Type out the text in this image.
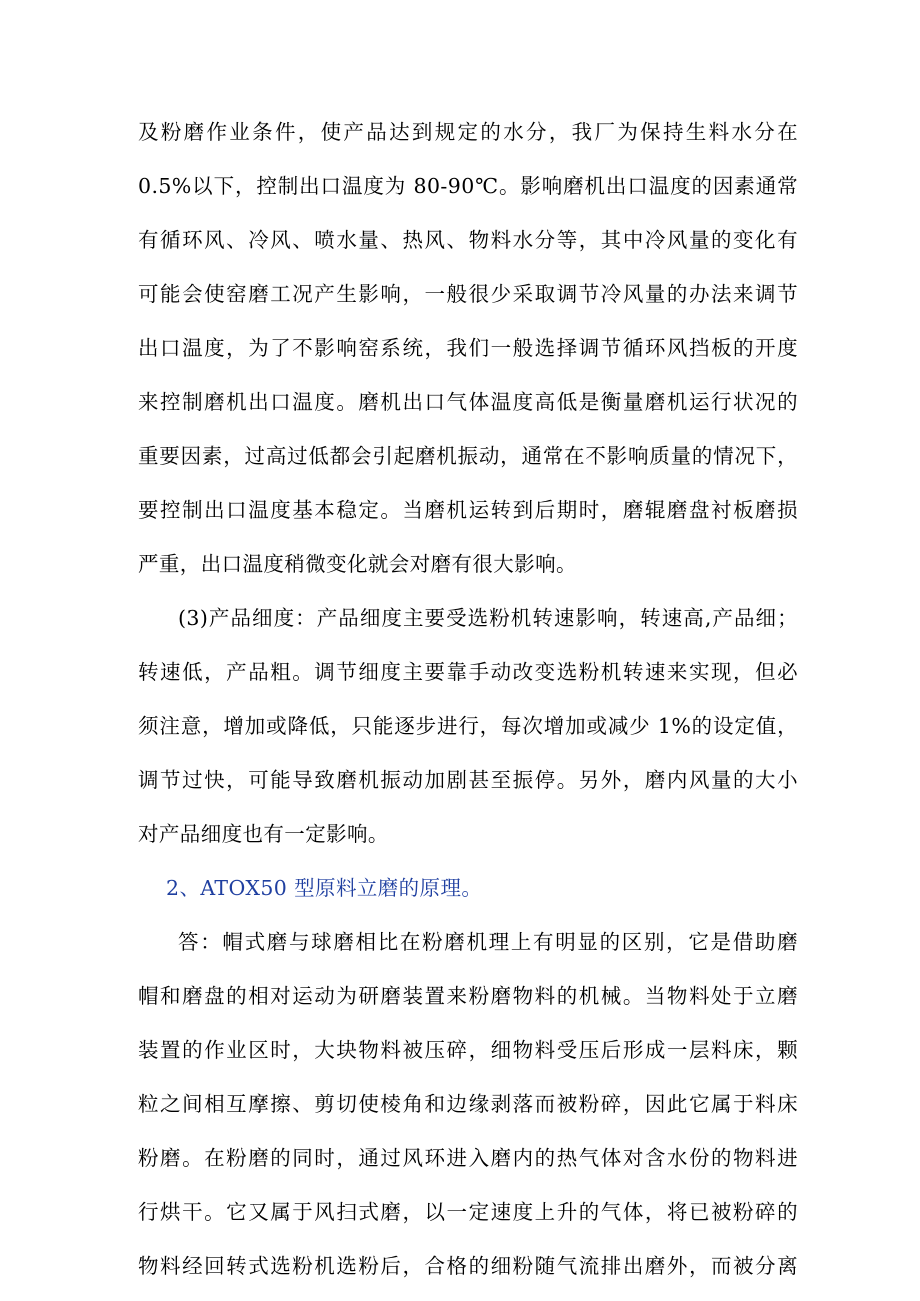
及粉磨作业条件，使产品达到规定的水分，我厂为保持生料水分在
0.5%以下，控制出口温度为 80-90℃。影响磨机出口温度的因素通常
有循环风、冷风、喷水量、热风、物料水分等，其中冷风量的变化有
可能会使窑磨工况产生影响，一般很少采取调节冷风量的办法来调节
出口温度，为了不影响窑系统，我们一般选择调节循环风挡板的开度
来控制磨机出口温度。磨机出口气体温度高低是衡量磨机运行状况的
重要因素，过高过低都会引起磨机振动，通常在不影响质量的情况下，
要控制出口温度基本稳定。当磨机运转到后期时，磨辊磨盘衬板磨损
严重，出口温度稍微变化就会对磨有很大影响。
(3)产品细度：产品细度主要受选粉机转速影响，转速高,产品细；
转速低，产品粗。调节细度主要靠手动改变选粉机转速来实现，但必
须注意，增加或降低，只能逐步进行，每次增加或减少 1%的设定值，
调节过快，可能导致磨机振动加剧甚至振停。另外，磨内风量的大小
对产品细度也有一定影响。
2、ATOX50 型原料立磨的原理。
答：帽式磨与球磨相比在粉磨机理上有明显的区别，它是借助磨
帽和磨盘的相对运动为研磨装置来粉磨物料的机械。当物料处于立磨
装置的作业区时，大块物料被压碎，细物料受压后形成一层料床，颗
粒之间相互摩擦、剪切使棱角和边缘剥落而被粉碎，因此它属于料床
粉磨。在粉磨的同时，通过风环进入磨内的热气体对含水份的物料进
行烘干。它又属于风扫式磨，以一定速度上升的气体，将已被粉碎的
物料经回转式选粉机选粉后，合格的细粉随气流排出磨外，而被分离
